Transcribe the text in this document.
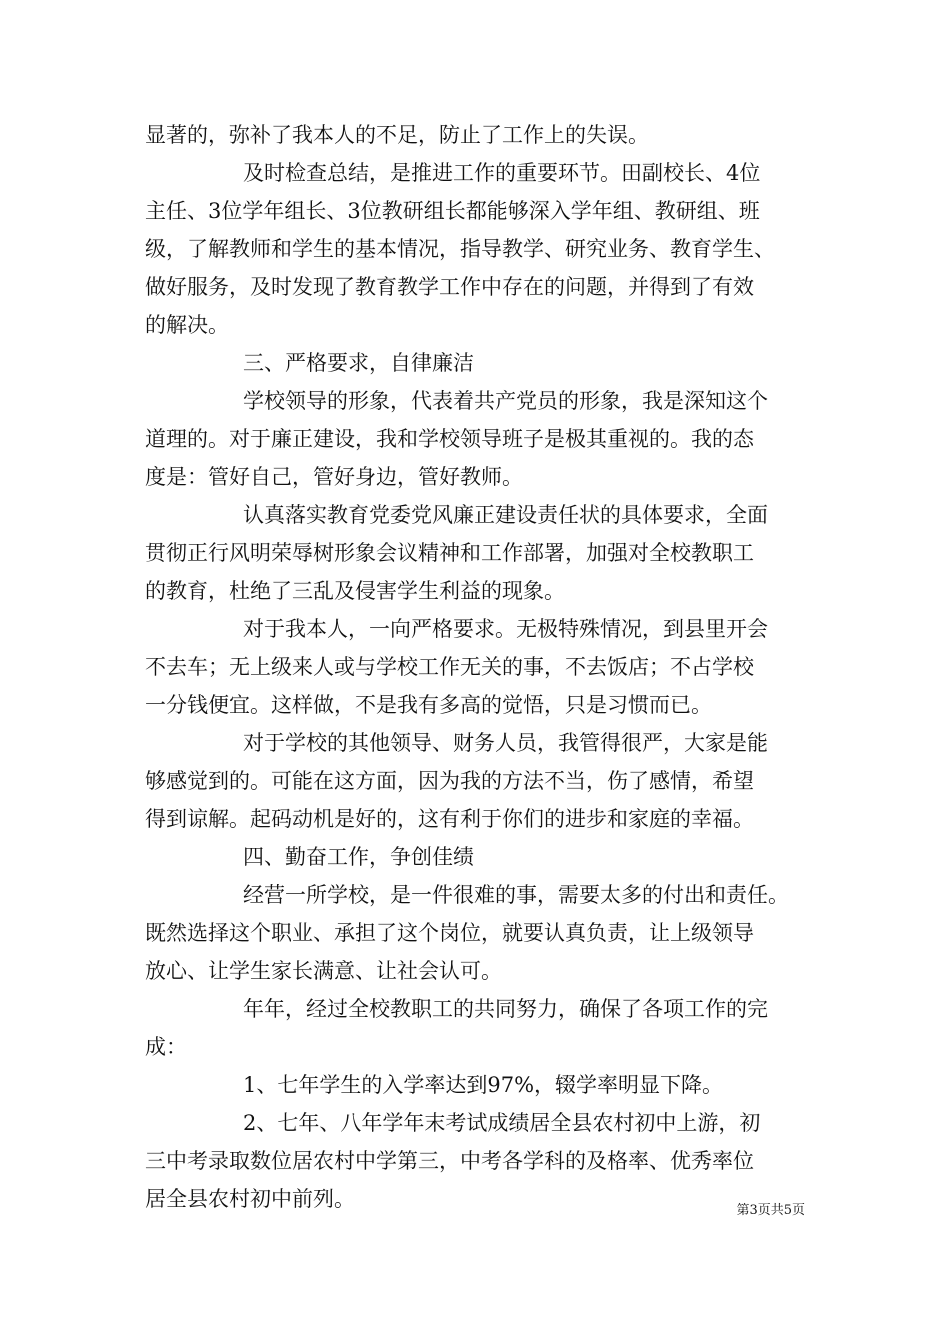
显著的，弥补了我本人的不足，防止了工作上的失误。
及时检查总结，是推进工作的重要环节。田副校长、4位
主任、3位学年组长、3位教研组长都能够深入学年组、教研组、班
级，了解教师和学生的基本情况，指导教学、研究业务、教育学生、
做好服务，及时发现了教育教学工作中存在的问题，并得到了有效
的解决。
三、严格要求，自律廉洁
学校领导的形象，代表着共产党员的形象，我是深知这个
道理的。对于廉正建设，我和学校领导班子是极其重视的。我的态
度是：管好自己，管好身边，管好教师。
认真落实教育党委党风廉正建设责任状的具体要求，全面
贯彻正行风明荣辱树形象会议精神和工作部署，加强对全校教职工
的教育，杜绝了三乱及侵害学生利益的现象。
对于我本人，一向严格要求。无极特殊情况，到县里开会
不去车；无上级来人或与学校工作无关的事，不去饭店；不占学校
一分钱便宜。这样做，不是我有多高的觉悟，只是习惯而已。
对于学校的其他领导、财务人员，我管得很严，大家是能
够感觉到的。可能在这方面，因为我的方法不当，伤了感情，希望
得到谅解。起码动机是好的，这有利于你们的进步和家庭的幸福。
四、勤奋工作，争创佳绩
经营一所学校，是一件很难的事，需要太多的付出和责任。
既然选择这个职业、承担了这个岗位，就要认真负责，让上级领导
放心、让学生家长满意、让社会认可。
年年，经过全校教职工的共同努力，确保了各项工作的完
成：
1、七年学生的入学率达到97%，辍学率明显下降。
2、七年、八年学年末考试成绩居全县农村初中上游，初
三中考录取数位居农村中学第三，中考各学科的及格率、优秀率位
居全县农村初中前列。	第3页共5页
